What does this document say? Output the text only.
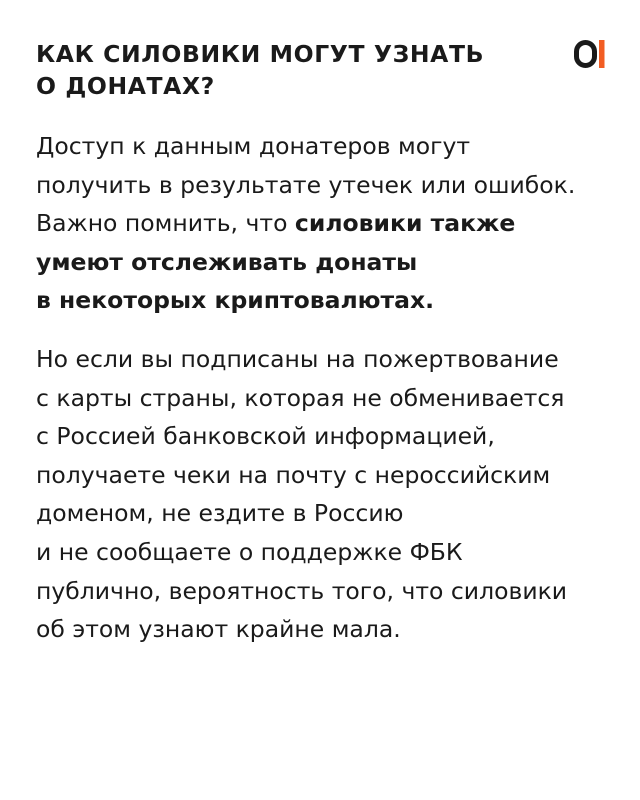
КАК СИЛОВИКИ МОГУТ УЗНАТЬ
О ДОНАТАХ?

Доступ к данным донатеров могут
получить в результате утечек или ошибок.
Важно помнить, что силовики также
умеют отслеживать донаты
в некоторых криптовалютах.

Но если вы подписаны на пожертвование
с карты страны, которая не обменивается
с Россией банковской информацией,
получаете чеки на почту с нероссийским
доменом, не ездите в Россию
и не сообщаете о поддержке ФБК
публично, вероятность того, что силовики
об этом узнают крайне мала.
